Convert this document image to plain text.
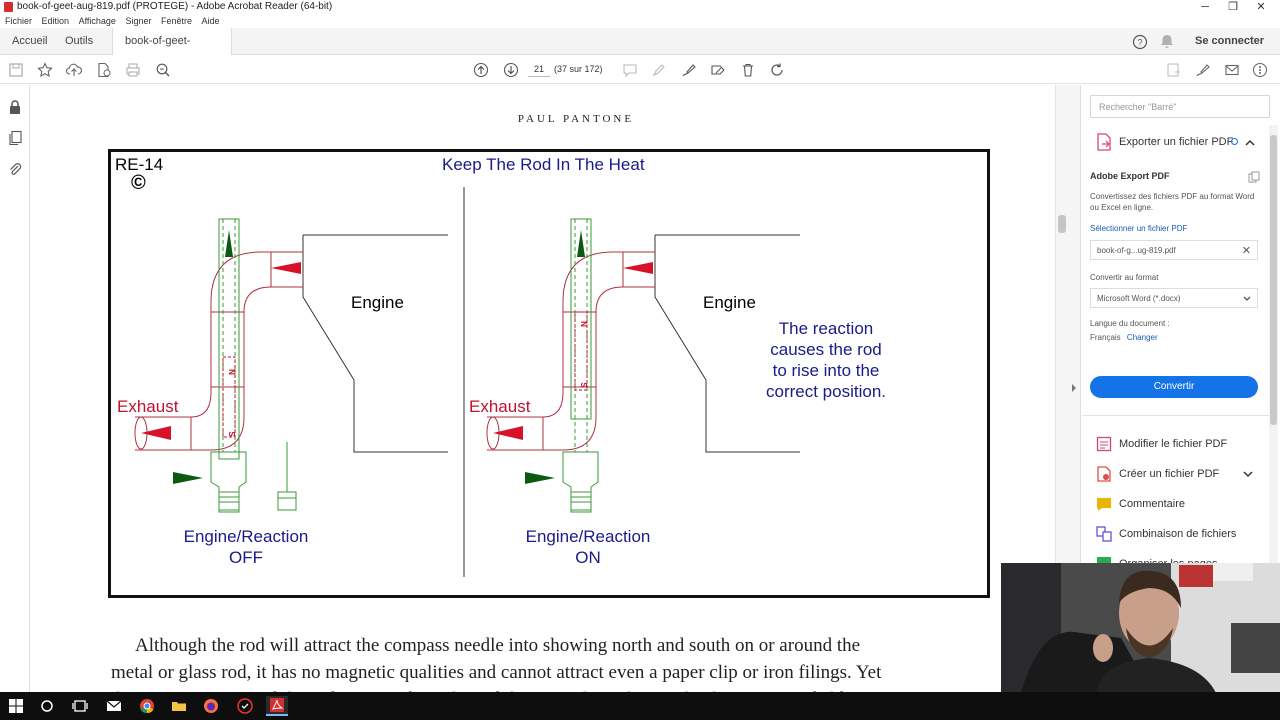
book-of-geet-aug-819.pdf (PROTEGE) - Adobe Acrobat Reader (64-bit)	─	❐	✕
Fichier Edition Affichage Signer Fenêtre Aide
Accueil	Outils	book-of-geet-	?	Se connecter
21	(37 sur 172)
PAUL PANTONE
RE-14
©
Keep The Rod In The Heat
Engine	Engine
Exhaust	Exhaust
Engine/Reaction
OFF
Engine/Reaction
ON
The reaction
causes the rod
to rise into the
correct position.
N
S
N
S
Although the rod will attract the compass needle into showing north and south on or around the
metal or glass rod, it has no magnetic qualities and cannot attract even a paper clip or iron filings. Yet
Rechercher "Barré"
Exporter un fichier PDF
Adobe Export PDF
Convertissez des fichiers PDF au format Word ou Excel en ligne.
Sélectionner un fichier PDF
book-of-g...ug-819.pdf	✕
Convertir au format
Microsoft Word (*.docx)
Langue du document :
Français Changer
Convertir
Modifier le fichier PDF
Créer un fichier PDF
Commentaire
Combinaison de fichiers
